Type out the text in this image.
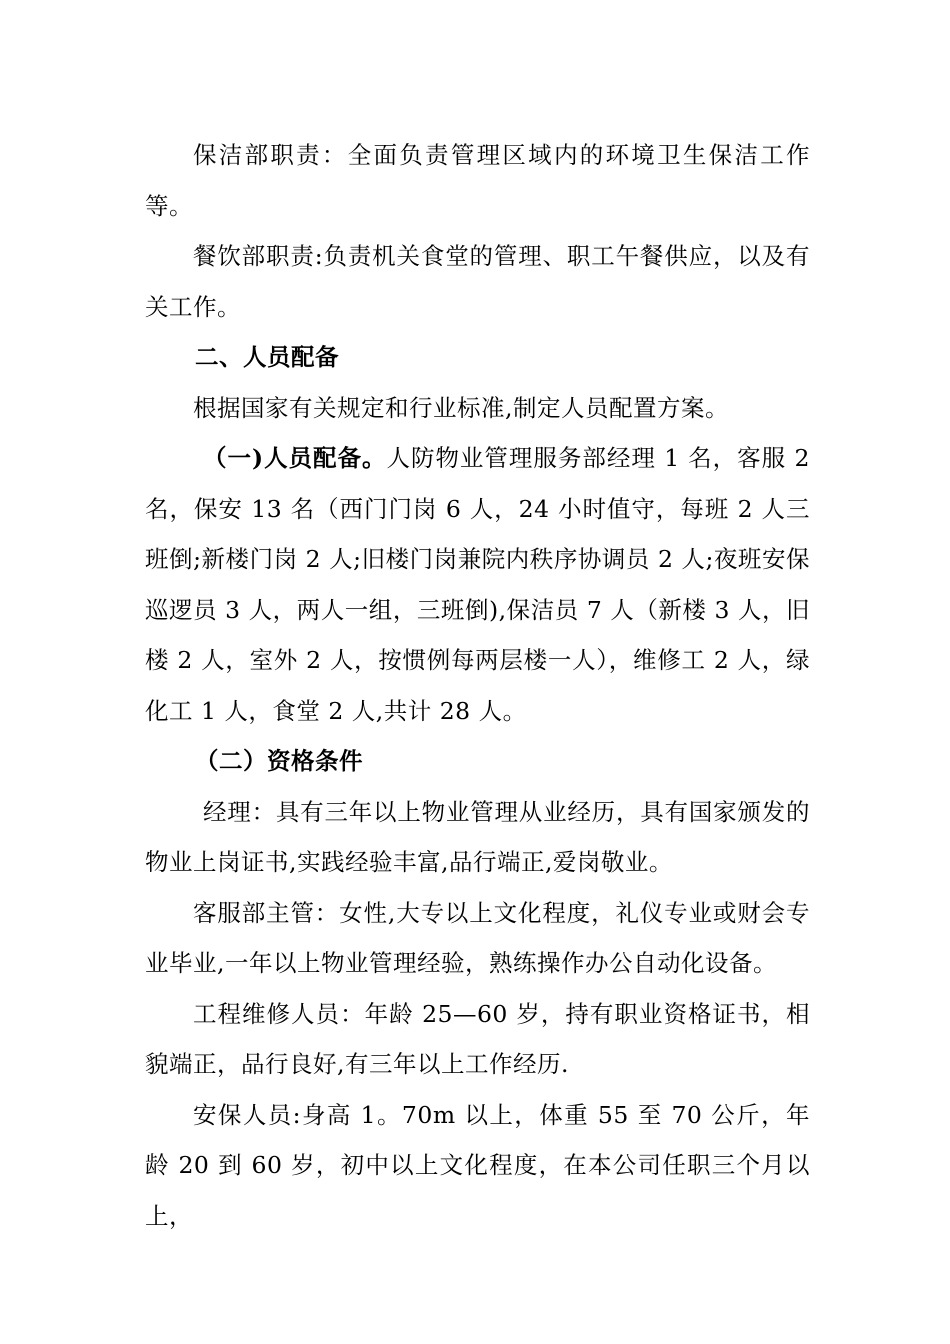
保洁部职责：全面负责管理区域内的环境卫生保洁工作等。

餐饮部职责:负责机关食堂的管理、职工午餐供应，以及有关工作。

二、人员配备

根据国家有关规定和行业标准,制定人员配置方案。

（一)人员配备。人防物业管理服务部经理 1 名，客服 2 名，保安 13 名（西门门岗 6 人，24 小时值守，每班 2 人三班倒;新楼门岗 2 人;旧楼门岗兼院内秩序协调员 2 人;夜班安保巡逻员 3 人，两人一组，三班倒),保洁员 7 人（新楼 3 人，旧楼 2 人，室外 2 人，按惯例每两层楼一人），维修工 2 人，绿化工 1 人，食堂 2 人,共计 28 人。

（二）资格条件

经理：具有三年以上物业管理从业经历，具有国家颁发的物业上岗证书,实践经验丰富,品行端正,爱岗敬业。

客服部主管：女性,大专以上文化程度，礼仪专业或财会专业毕业,一年以上物业管理经验，熟练操作办公自动化设备。

工程维修人员：年龄 25—60 岁，持有职业资格证书，相貌端正，品行良好,有三年以上工作经历.

安保人员:身高 1。70m 以上，体重 55 至 70 公斤，年龄 20 到 60 岁，初中以上文化程度，在本公司任职三个月以上，
